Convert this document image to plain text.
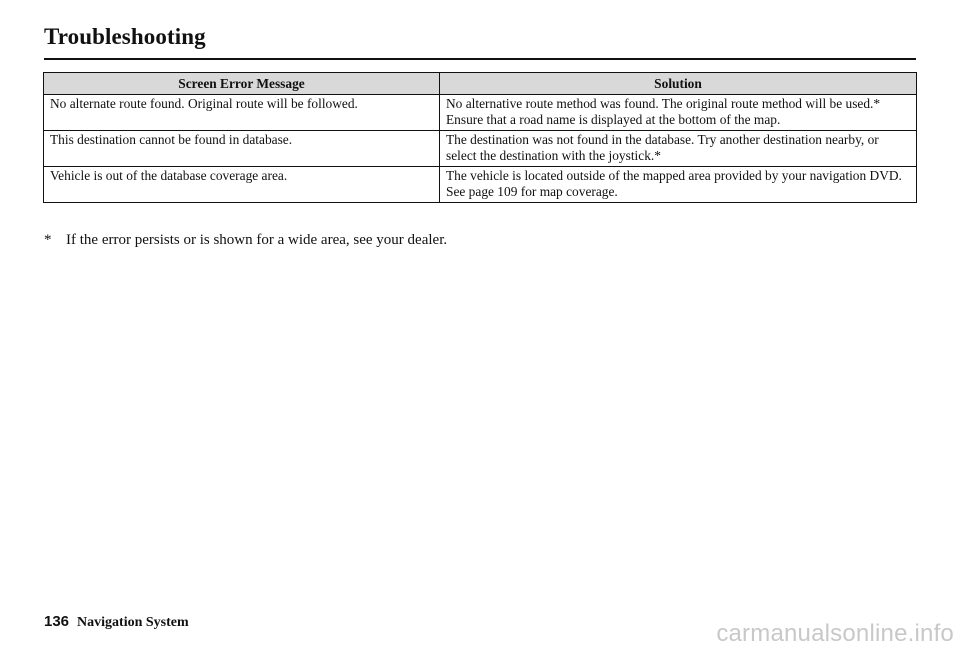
Troubleshooting
Screen Error Message	Solution
No alternate route found. Original route will be followed.	No alternative route method was found. The original route method will be used.*
Ensure that a road name is displayed at the bottom of the map.

This destination cannot be found in database.	The destination was not found in the database. Try another destination nearby, or select the destination with the joystick.*

Vehicle is out of the database coverage area.	The vehicle is located outside of the mapped area provided by your navigation DVD. See page 109 for map coverage.
* If the error persists or is shown for a wide area, see your dealer.
136 Navigation System	carmanualsonline.info
